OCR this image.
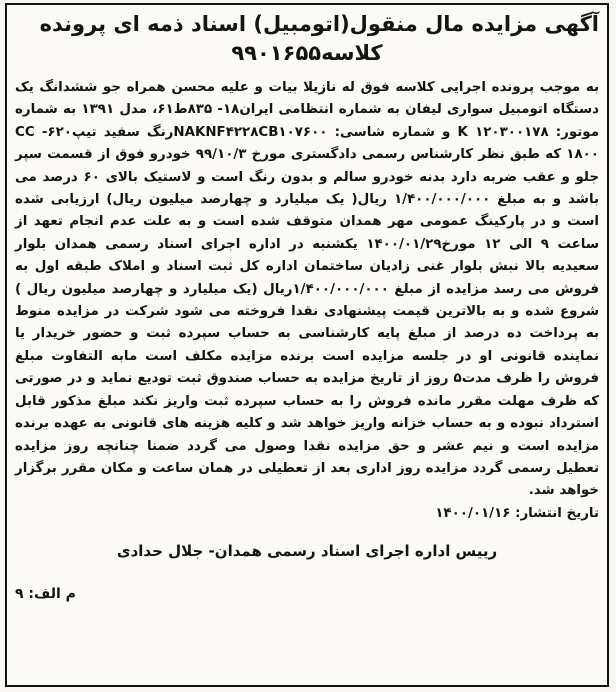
آگهی مزایده مال منقول(اتومبیل) اسناد ذمه ای پرونده
کلاسه۹۹۰۱۶۵۵

به موجب پرونده اجرایی کلاسه فوق له نازیلا بیات و علیه محسن همراه جو ششدانگ یک دستگاه اتومبیل سواری لیفان به شماره انتظامی ایران۱۸- ۸۳۵ط۶۱، مدل ۱۳۹۱ به شماره موتور: ۱۲۰۳۰۰۱۷۸ K و شماره شاسی: NAKNF۴۲۲۸CB۱۰۷۶۰۰رنگ سفید تیپ۶۲۰- CC ۱۸۰۰ که طبق نظر کارشناس رسمی دادگستری مورخ ۹۹/۱۰/۳ خودرو فوق از قسمت سپر جلو و عقب ضربه دارد بدنه خودرو سالم و بدون رنگ است و لاستیک بالای ۶۰ درصد می باشد و به مبلغ ۱/۴۰۰/۰۰۰/۰۰۰ ریال( یک میلیارد و چهارصد میلیون ریال) ارزیابی شده است و در پارکینگ عمومی مهر همدان متوقف شده است و به علت عدم انجام تعهد از ساعت ۹ الی ۱۲ مورخ۱۴۰۰/۰۱/۲۹ یکشنبه در اداره اجرای اسناد رسمی همدان بلوار سعیدیه بالا نبش بلوار غنی زادیان ساختمان اداره کل ثبت اسناد و املاک طبقه اول به فروش می رسد مزایده از مبلغ ۱/۴۰۰/۰۰۰/۰۰۰ریال (یک میلیارد و چهارصد میلیون ریال ) شروع شده و به بالاترین قیمت پیشنهادی نقدا فروخته می شود شرکت در مزایده منوط به پرداخت ده درصد از مبلغ پایه کارشناسی به حساب سپرده ثبت و حضور خریدار یا نماینده قانونی او در جلسه مزایده است برنده مزایده مکلف است مابه التفاوت مبلغ فروش را ظرف مدت۵ روز از تاریخ مزایده به حساب صندوق ثبت تودیع نماید و در صورتی که ظرف مهلت مقرر مانده فروش را به حساب سپرده ثبت واریز نکند مبلغ مذکور قابل استرداد نبوده و به حساب خزانه واریز خواهد شد و کلیه هزینه های قانونی به عهده برنده مزایده است و نیم عشر و حق مزایده نقدا وصول می گردد ضمنا چنانچه روز مزایده تعطیل رسمی گردد مزایده روز اداری بعد از تعطیلی در همان ساعت و مکان مقرر برگزار خواهد شد.

تاریخ انتشار: ۱۴۰۰/۰۱/۱۶

رییس اداره اجرای اسناد رسمی همدان- جلال حدادی

م الف: ۹
